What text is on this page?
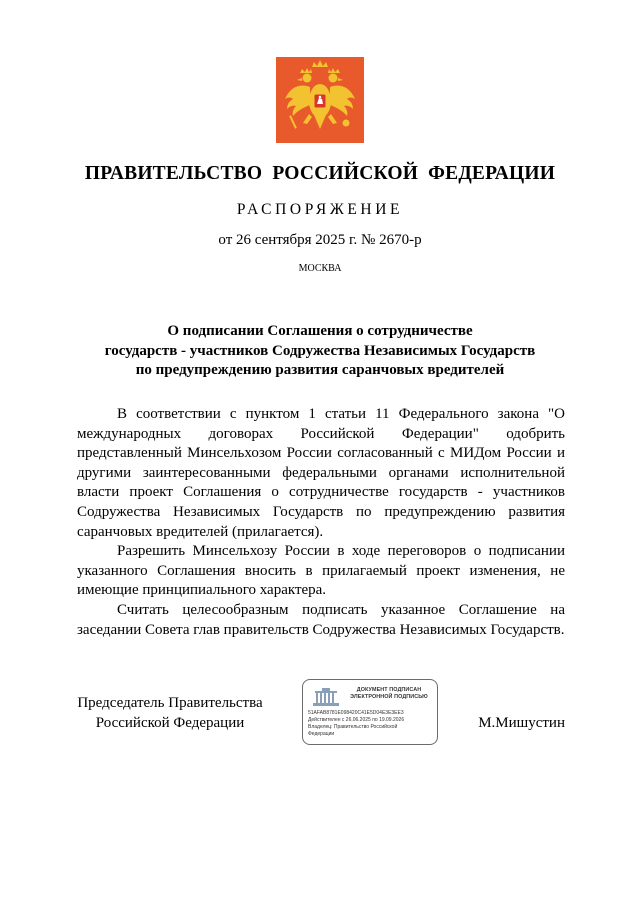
ПРАВИТЕЛЬСТВО РОССИЙСКОЙ ФЕДЕРАЦИИ
РАСПОРЯЖЕНИЕ
от 26 сентября 2025 г. № 2670-р
МОСКВА
О подписании Соглашения о сотрудничестве
государств - участников Содружества Независимых Государств
по предупреждению развития саранчовых вредителей

В соответствии с пунктом 1 статьи 11 Федерального закона "О международных договорах Российской Федерации" одобрить представленный Минсельхозом России согласованный с МИДом России и другими заинтересованными федеральными органами исполнительной власти проект Соглашения о сотрудничестве государств - участников Содружества Независимых Государств по предупреждению развития саранчовых вредителей (прилагается).

Разрешить Минсельхозу России в ходе переговоров о подписании указанного Соглашения вносить в прилагаемый проект изменения, не имеющие принципиального характера.

Считать целесообразным подписать указанное Соглашение на заседании Совета глав правительств Содружества Независимых Государств.

Председатель Правительства
Российской Федерации
ДОКУМЕНТ ПОДПИСАН
ЭЛЕКТРОННОЙ ПОДПИСЬЮ
51AFAB8781E098420C41E5D04E3E3EE3
Действителен с 26.06.2025 по 19.09.2026
Владелец: Правительство Российской
Федерации
М.Мишустин
